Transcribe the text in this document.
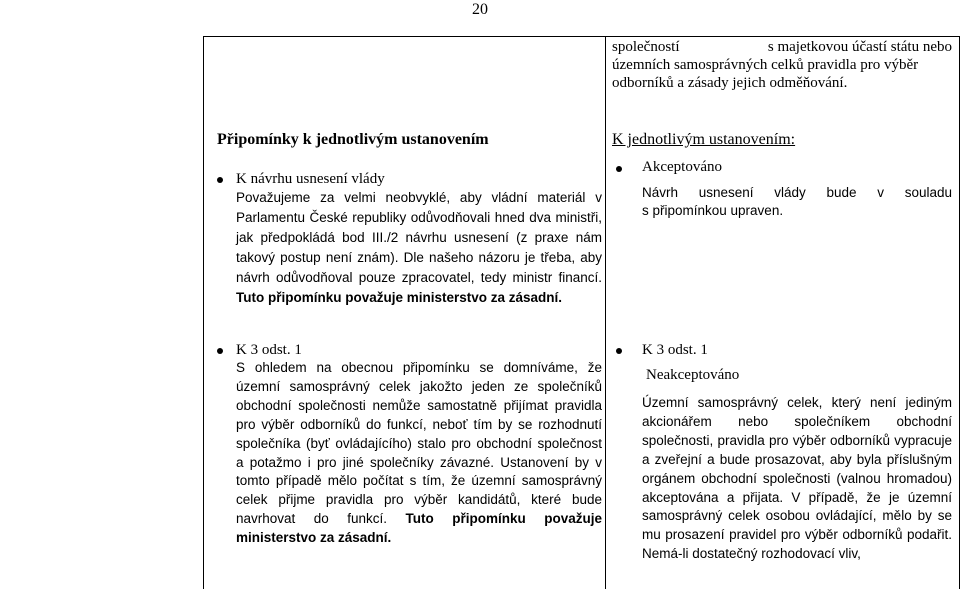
20
společností	s majetkovou účastí státu nebo
územních samosprávných celků pravidla pro výběr
odborníků a zásady jejich odměňování.
Připomínky k jednotlivým ustanovením
K návrhu usnesení vlády
Považujeme za velmi neobvyklé, aby vládní materiál v Parlamentu České republiky odůvodňovali hned dva ministři, jak předpokládá bod III./2 návrhu usnesení (z praxe nám takový postup není znám). Dle našeho názoru je třeba, aby návrh odůvodňoval pouze zpracovatel, tedy ministr financí. Tuto připomínku považuje ministerstvo za zásadní.
K 3 odst. 1
S ohledem na obecnou připomínku se domníváme, že územní samosprávný celek jakožto jeden ze společníků obchodní společnosti nemůže samostatně přijímat pravidla pro výběr odborníků do funkcí, neboť tím by se rozhodnutí společníka (byť ovládajícího) stalo pro obchodní společnost a potažmo i pro jiné společníky závazné. Ustanovení by v tomto případě mělo počítat s tím, že územní samosprávný celek přijme pravidla pro výběr kandidátů, které bude navrhovat do funkcí. Tuto připomínku považuje ministerstvo za zásadní.
K jednotlivým ustanovením:
Akceptováno
Návrh usnesení vlády bude v souladu
s připomínkou upraven.
K 3 odst. 1
Neakceptováno
Územní samosprávný celek, který není jediným akcionářem nebo společníkem obchodní společnosti, pravidla pro výběr odborníků vypracuje a zveřejní a bude prosazovat, aby byla příslušným orgánem obchodní společnosti (valnou hromadou) akceptována a přijata. V případě, že je územní samosprávný celek osobou ovládající, mělo by se mu prosazení pravidel pro výběr odborníků podařit. Nemá-li dostatečný rozhodovací vliv,
